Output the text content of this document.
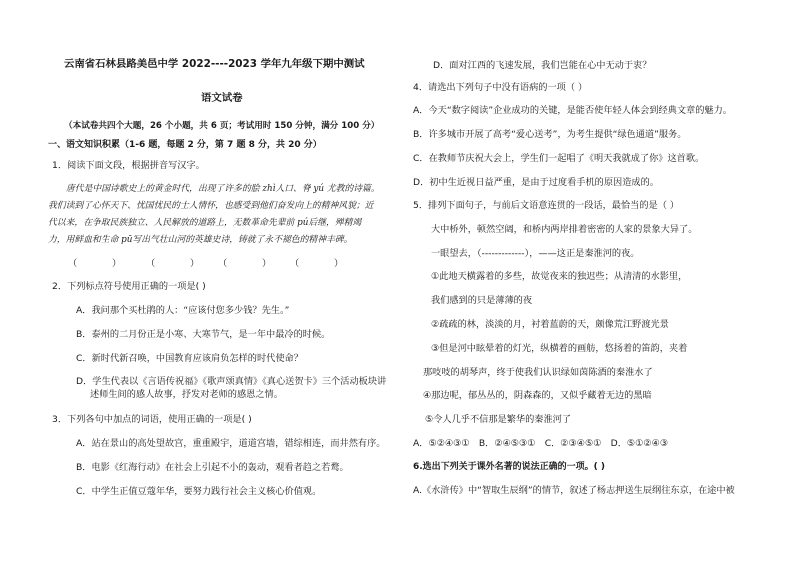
云南省石林县路美邑中学 2022----2023 学年九年级下期中测试
语文试卷
（本试卷共四个大题，26 个小题，共 6 页；考试用时 150 分钟，满分 100 分）
一、语文知识积累（1-6 题，每题 2 分，第 7 题 8 分，共 20 分）
1．阅读下面文段，根据拼音写汉字。
唐代是中国诗歌史上的黄金时代，出现了许多的脍 zhì人口、脊 yú 尤教的诗篇。
我们读到了心怀天下、忧国忧民的士人情怀，也感受到他们奋发向上的精神风貌；近
代以来，在争取民族独立、人民解放的道路上，无数革命先辈前 pú后继，殚精竭
力，用鲜血和生命 pū写出气壮山河的英雄史诗，铸就了永不褪色的精神丰碑。
（	）	（	） （	） （	）
2．下列标点符号使用正确的一项是( )
A．我问那个买杜鹃的人：“应该付您多少钱？先生。”
B．泰州的二月份正是小寒、大寒节气，是一年中最冷的时候。
C．新时代新召唤，中国教育应该肩负怎样的时代使命？
D．学生代表以《言语传祝福》《歌声颂真情》《真心送贺卡》三个活动板块讲
述师生间的感人故事，抒发对老师的感恩之情。
3．下列各句中加点的词语，使用正确的一项是( )
A．站在景山的高处望故宫，重重殿宇，道道宫墙，错综相连，而井然有序。
B．电影《红海行动》在社会上引起不小的轰动，观看者趋之若鹜。
C．中学生正值豆蔻年华，要努力践行社会主义核心价值观。
D．面对江西的飞速发展，我们岂能在心中无动于衷？
4．请选出下列句子中没有语病的一项（ ）
A．今天“数字阅读”企业成功的关键，是能否使年轻人体会到经典文章的魅力。
B．许多城市开展了高考“爱心送考”，为考生提供“绿色通道”服务。
C．在教师节庆祝大会上，学生们一起唱了《明天我就成了你》这首歌。
D．初中生近视日益严重，是由于过度看手机的原因造成的。
5．排列下面句子，与前后文语意连贯的一段话，最恰当的是（ ）
大中桥外，顿然空阔，和桥内两岸排着密密的人家的景象大异了。
一眼望去，（-------------），——这正是秦淮河的夜。
①此地天横露着的多些，故觉夜来的独迟些；从清清的水影里，
我们感到的只是薄薄的夜
②疏疏的林，淡淡的月，衬着蓝蔚的天，颇像荒江野渡光景
③但是河中眩晕着的灯光，纵横着的画舫，悠扬着的笛韵，夹着
那吱吱的胡琴声，终于使我们认识绿如茵陈酒的秦淮水了
④那边呢，郁丛丛的，阴森森的，又似乎藏着无边的黑暗
⑤令人几乎不信那是繁华的秦淮河了
A．⑤②④③①　B．②④⑤③①　C．②③④⑤①　D．⑤①②④③
6.选出下列关于课外名著的说法正确的一项。( )
A.《水浒传》中“智取生辰纲”的情节，叙述了杨志押送生辰纲往东京，在途中被
